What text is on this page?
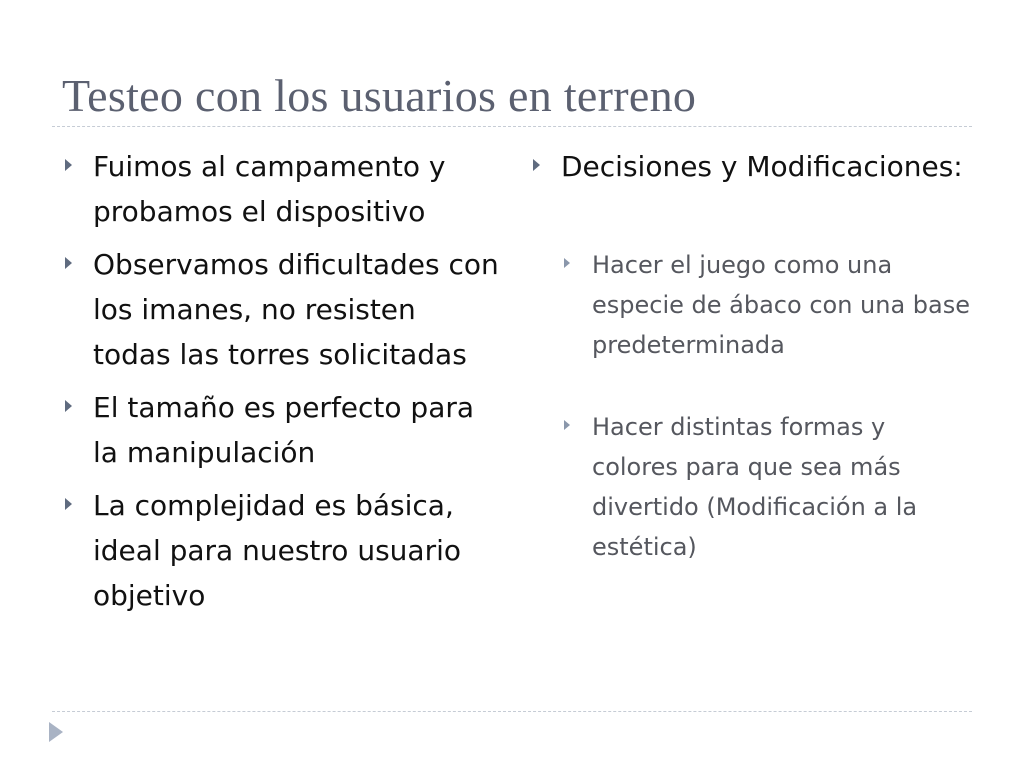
Testeo con los usuarios en terreno
Fuimos al campamento y probamos el dispositivo
Observamos dificultades con los imanes, no resisten todas las torres solicitadas
El tamaño es perfecto para la manipulación
La complejidad es básica, ideal para nuestro usuario objetivo
Decisiones y Modificaciones:
Hacer el juego como una especie de ábaco con una base predeterminada
Hacer distintas formas y colores para que sea más divertido (Modificación a la estética)
